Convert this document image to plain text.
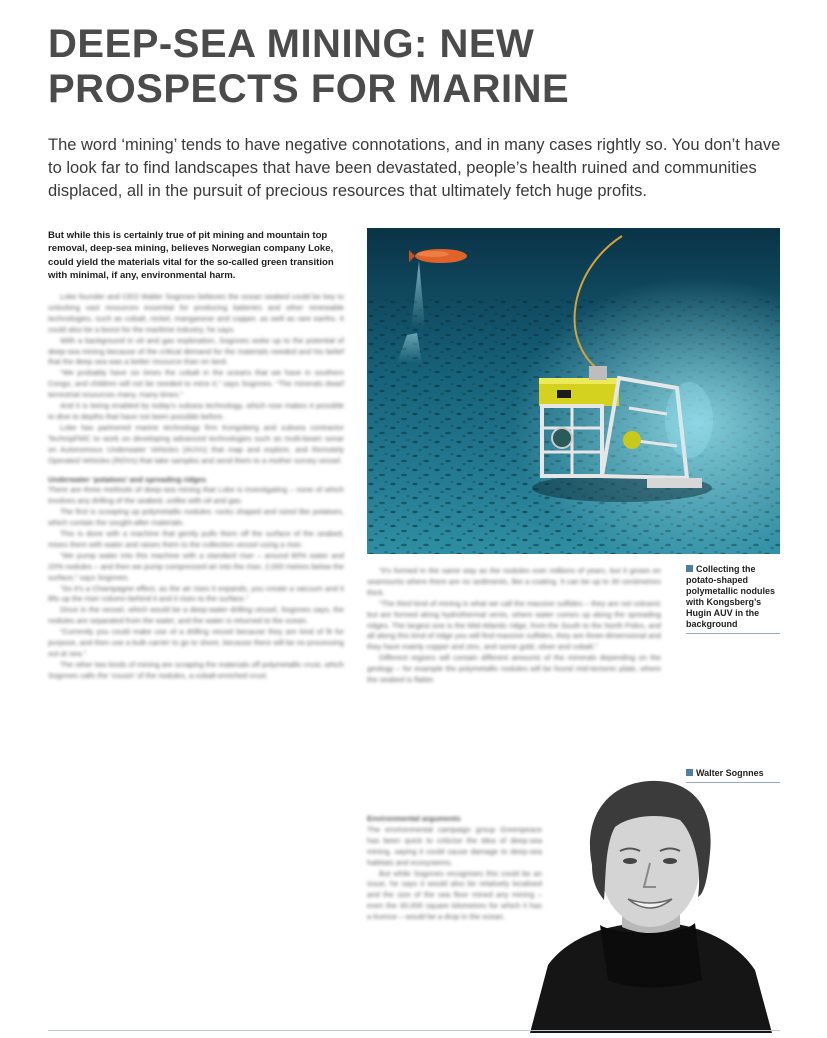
DEEP-SEA MINING: NEW
PROSPECTS FOR MARINE

The word ‘mining’ tends to have negative connotations, and in many cases rightly so. You don’t have to look far to find landscapes that have been devastated, people’s health ruined and communities displaced, all in the pursuit of precious resources that ultimately fetch huge profits.

But while this is certainly true of pit mining and mountain top removal, deep-sea mining, believes Norwegian company Loke, could yield the materials vital for the so-called green transition with minimal, if any, environmental harm.

Loke founder and CEO Walter Sognnes believes the ocean seabed could be key to unlocking vast resources essential for producing batteries and other renewable technologies, such as cobalt, nickel, manganese and copper, as well as rare earths. It could also be a boost for the maritime industry, he says.

With a background in oil and gas exploration, Sognnes woke up to the potential of deep-sea mining because of the critical demand for the materials needed and his belief that the deep sea was a better resource than on land.

“We probably have six times the cobalt in the oceans that we have in southern Congo, and children will not be needed to mine it,” says Sognnes. “The minerals dwarf terrestrial resources many, many times.”

And it is being enabled by today’s subsea technology, which now makes it possible to dive to depths that have not been possible before.

Loke has partnered marine technology firm Kongsberg and subsea contractor TechnipFMC to work on developing advanced technologies such as multi-beam sonar on Autonomous Underwater Vehicles (AUVs) that map and explore, and Remotely Operated Vehicles (ROVs) that take samples and send them to a mother survey vessel.

Underwater ‘potatoes’ and spreading ridges

There are three methods of deep-sea mining that Loke is investigating – none of which involves any drilling of the seabed, unlike with oil and gas.

The first is scooping up polymetallic nodules: rocks shaped and sized like potatoes, which contain the sought-after materials.

This is done with a machine that gently pulls them off the surface of the seabed, mixes them with water and raises them to the collection vessel using a riser.

“We pump water into this machine with a standard riser – around 80% water and 20% nodules – and then we pump compressed air into the riser, 2,000 metres below the surface,” says Sognnes.

“So it’s a Champagne effect, as the air rises it expands, you create a vacuum and it lifts up the riser column behind it and it rises to the surface.”

Once in the vessel, which would be a deep-water drilling vessel, Sognnes says, the nodules are separated from the water, and the water is returned to the ocean.

“Currently you could make use of a drilling vessel because they are kind of fit for purpose, and then use a bulk carrier to go to shore, because there will be no processing out at sea.”

The other two kinds of mining are scraping the materials off polymetallic crust, which Sognnes calls the ‘cousin’ of the nodules, a cobalt-enriched crust.

“It’s formed in the same way as the nodules over millions of years, but it grows on seamounts where there are no sediments, like a coating. It can be up to 30 centimetres thick.

“The third kind of mining is what we call the massive sulfides – they are not volcanic but are formed along hydrothermal vents, where water comes up along the spreading ridges. The largest one is the Mid-Atlantic ridge, from the South to the North Poles, and all along this kind of ridge you will find massive sulfides, they are three-dimensional and they have mainly copper and zinc, and some gold, silver and cobalt.”

Different regions will contain different amounts of the minerals depending on the geology – for example the polymetallic nodules will be found mid-tectonic plate, where the seabed is flatter.

Environmental arguments

The environmental campaign group Greenpeace has been quick to criticise the idea of deep-sea mining, saying it could cause damage to deep-sea habitats and ecosystems.

But while Sognnes recognises this could be an issue, he says it would also be relatively localised and the size of the sea floor mined any mining – even the 30,000 square kilometres for which it has a licence – would be a drop in the ocean.

Collecting the potato-shaped polymetallic nodules with Kongsberg’s Hugin AUV in the background
Walter Sognnes
